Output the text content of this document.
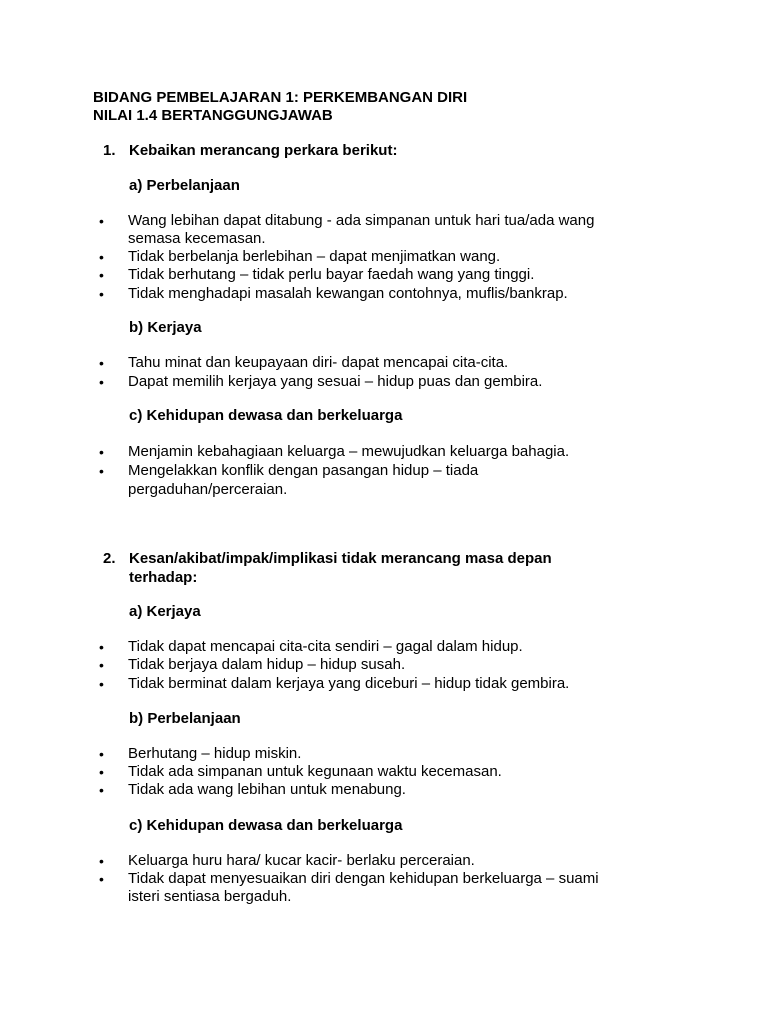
BIDANG PEMBELAJARAN 1: PERKEMBANGAN DIRI
NILAI 1.4 BERTANGGUNGJAWAB
1. Kebaikan merancang perkara berikut:
a) Perbelanjaan
• Wang lebihan dapat ditabung - ada simpanan untuk hari tua/ada wang
semasa kecemasan.
• Tidak berbelanja berlebihan – dapat menjimatkan wang.
• Tidak berhutang – tidak perlu bayar faedah wang yang tinggi.
• Tidak menghadapi masalah kewangan contohnya, muflis/bankrap.
b) Kerjaya
• Tahu minat dan keupayaan diri- dapat mencapai cita-cita.
• Dapat memilih kerjaya yang sesuai – hidup puas dan gembira.
c) Kehidupan dewasa dan berkeluarga
• Menjamin kebahagiaan keluarga – mewujudkan keluarga bahagia.
• Mengelakkan konflik dengan pasangan hidup – tiada
pergaduhan/perceraian.
2. Kesan/akibat/impak/implikasi tidak merancang masa depan
terhadap:
a) Kerjaya
• Tidak dapat mencapai cita-cita sendiri – gagal dalam hidup.
• Tidak berjaya dalam hidup – hidup susah.
• Tidak berminat dalam kerjaya yang diceburi – hidup tidak gembira.
b) Perbelanjaan
• Berhutang – hidup miskin.
• Tidak ada simpanan untuk kegunaan waktu kecemasan.
• Tidak ada wang lebihan untuk menabung.
c) Kehidupan dewasa dan berkeluarga
• Keluarga huru hara/ kucar kacir- berlaku perceraian.
• Tidak dapat menyesuaikan diri dengan kehidupan berkeluarga – suami
isteri sentiasa bergaduh.
